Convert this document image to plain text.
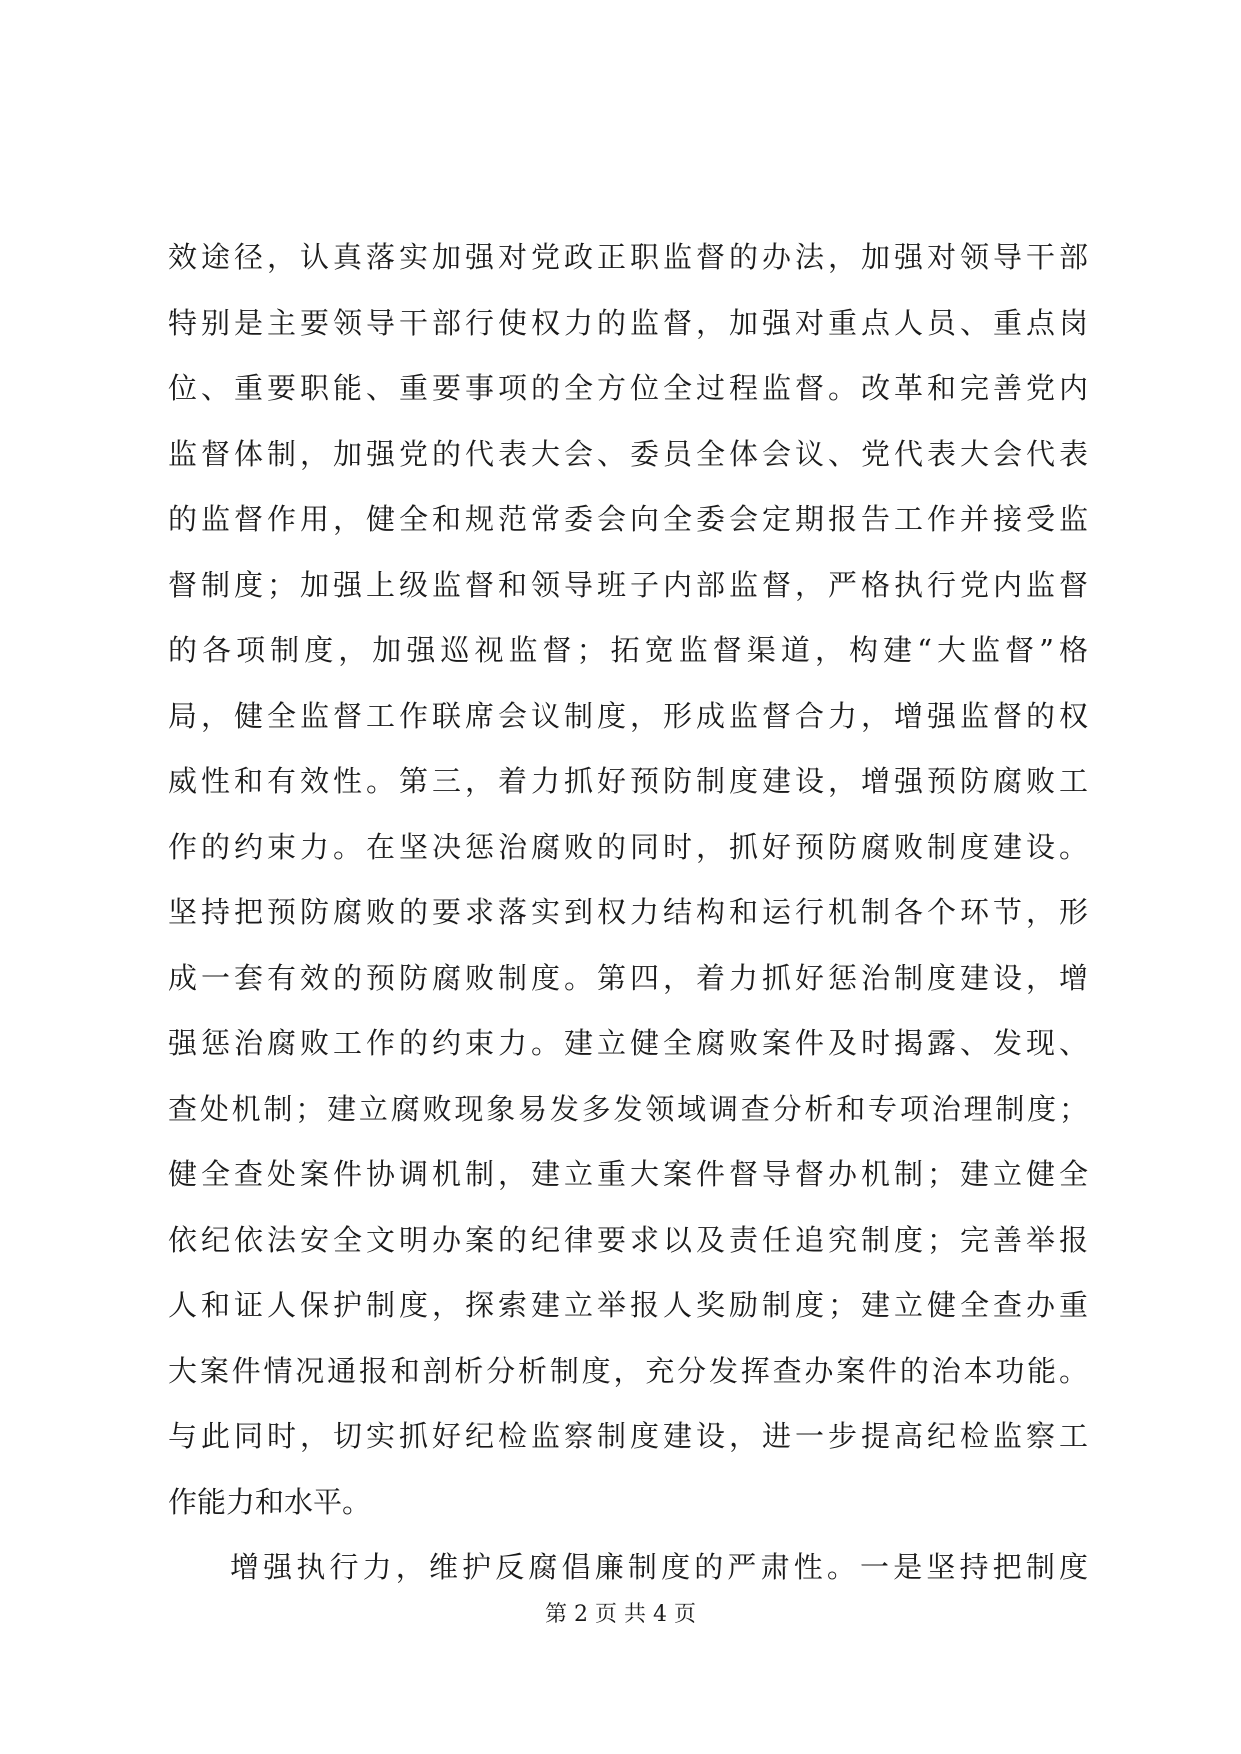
效途径，认真落实加强对党政正职监督的办法，加强对领导干部
特别是主要领导干部行使权力的监督，加强对重点人员、重点岗
位、重要职能、重要事项的全方位全过程监督。改革和完善党内
监督体制，加强党的代表大会、委员全体会议、党代表大会代表
的监督作用，健全和规范常委会向全委会定期报告工作并接受监
督制度；加强上级监督和领导班子内部监督，严格执行党内监督
的各项制度，加强巡视监督；拓宽监督渠道，构建“大监督”格
局，健全监督工作联席会议制度，形成监督合力，增强监督的权
威性和有效性。第三，着力抓好预防制度建设，增强预防腐败工
作的约束力。在坚决惩治腐败的同时，抓好预防腐败制度建设。
坚持把预防腐败的要求落实到权力结构和运行机制各个环节，形
成一套有效的预防腐败制度。第四，着力抓好惩治制度建设，增
强惩治腐败工作的约束力。建立健全腐败案件及时揭露、发现、
查处机制；建立腐败现象易发多发领域调查分析和专项治理制度；
健全查处案件协调机制，建立重大案件督导督办机制；建立健全
依纪依法安全文明办案的纪律要求以及责任追究制度；完善举报
人和证人保护制度，探索建立举报人奖励制度；建立健全查办重
大案件情况通报和剖析分析制度，充分发挥查办案件的治本功能。
与此同时，切实抓好纪检监察制度建设，进一步提高纪检监察工
作能力和水平。
增强执行力，维护反腐倡廉制度的严肃性。一是坚持把制度
第 2 页 共 4 页
